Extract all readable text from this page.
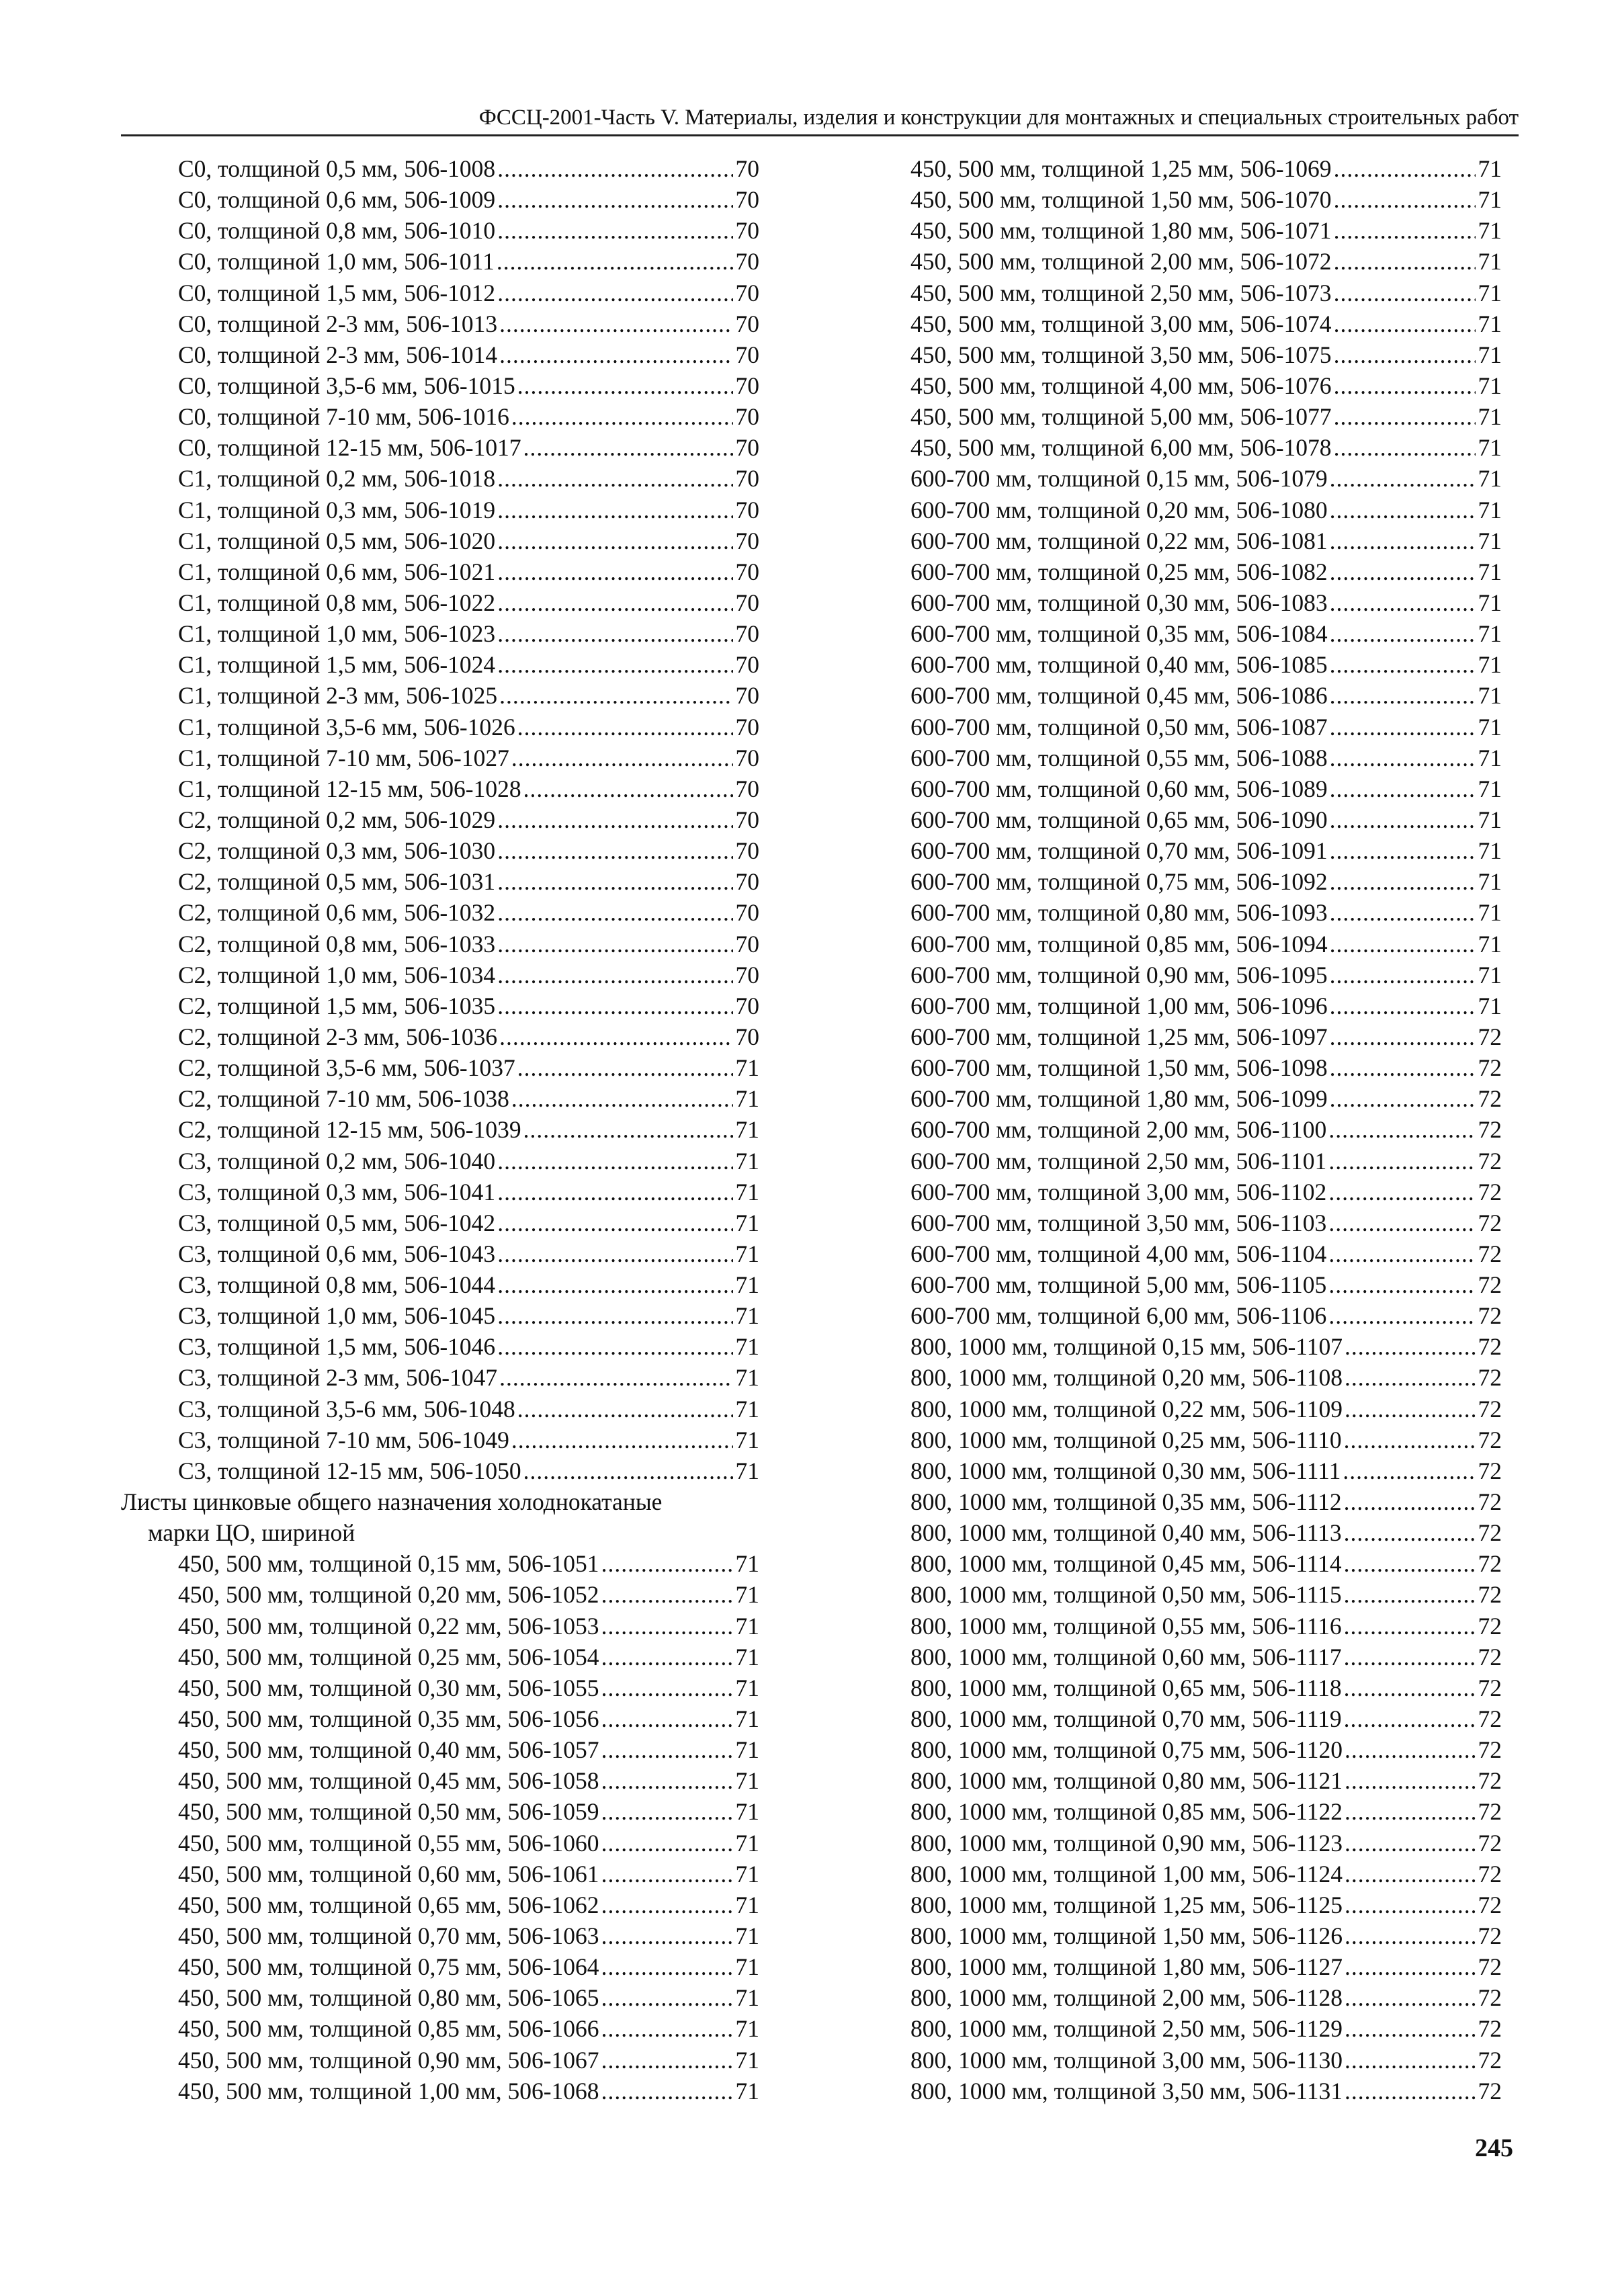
ФССЦ-2001-Часть V. Материалы, изделия и конструкции для монтажных и специальных строительных работ
С0, толщиной 0,5 мм, 506-1008 .....	70
С0, толщиной 0,6 мм, 506-1009 .....	70
С0, толщиной 0,8 мм, 506-1010 .....	70
С0, толщиной 1,0 мм, 506-1011 .....	70
С0, толщиной 1,5 мм, 506-1012 .....	70
С0, толщиной 2-3 мм, 506-1013 .....	70
С0, толщиной 2-3 мм, 506-1014 .....	70
С0, толщиной 3,5-6 мм, 506-1015 .....	70
С0, толщиной 7-10 мм, 506-1016 .....	70
С0, толщиной 12-15 мм, 506-1017 .....	70
С1, толщиной 0,2 мм, 506-1018 .....	70
С1, толщиной 0,3 мм, 506-1019 .....	70
С1, толщиной 0,5 мм, 506-1020 .....	70
С1, толщиной 0,6 мм, 506-1021 .....	70
С1, толщиной 0,8 мм, 506-1022 .....	70
С1, толщиной 1,0 мм, 506-1023 .....	70
С1, толщиной 1,5 мм, 506-1024 .....	70
С1, толщиной 2-3 мм, 506-1025 .....	70
С1, толщиной 3,5-6 мм, 506-1026 .....	70
С1, толщиной 7-10 мм, 506-1027 .....	70
С1, толщиной 12-15 мм, 506-1028 .....	70
С2, толщиной 0,2 мм, 506-1029 .....	70
С2, толщиной 0,3 мм, 506-1030 .....	70
С2, толщиной 0,5 мм, 506-1031 .....	70
С2, толщиной 0,6 мм, 506-1032 .....	70
С2, толщиной 0,8 мм, 506-1033 .....	70
С2, толщиной 1,0 мм, 506-1034 .....	70
С2, толщиной 1,5 мм, 506-1035 .....	70
С2, толщиной 2-3 мм, 506-1036 .....	70
С2, толщиной 3,5-6 мм, 506-1037 .....	71
С2, толщиной 7-10 мм, 506-1038 .....	71
С2, толщиной 12-15 мм, 506-1039 .....	71
С3, толщиной 0,2 мм, 506-1040 .....	71
С3, толщиной 0,3 мм, 506-1041 .....	71
С3, толщиной 0,5 мм, 506-1042 .....	71
С3, толщиной 0,6 мм, 506-1043 .....	71
С3, толщиной 0,8 мм, 506-1044 .....	71
С3, толщиной 1,0 мм, 506-1045 .....	71
С3, толщиной 1,5 мм, 506-1046 .....	71
С3, толщиной 2-3 мм, 506-1047 .....	71
С3, толщиной 3,5-6 мм, 506-1048 .....	71
С3, толщиной 7-10 мм, 506-1049 .....	71
С3, толщиной 12-15 мм, 506-1050 .....	71
Листы цинковые общего назначения холоднокатаные
марки ЦО, шириной
450, 500 мм, толщиной 0,15 мм, 506-1051 .....	71
450, 500 мм, толщиной 0,20 мм, 506-1052 .....	71
450, 500 мм, толщиной 0,22 мм, 506-1053 .....	71
450, 500 мм, толщиной 0,25 мм, 506-1054 .....	71
450, 500 мм, толщиной 0,30 мм, 506-1055 .....	71
450, 500 мм, толщиной 0,35 мм, 506-1056 .....	71
450, 500 мм, толщиной 0,40 мм, 506-1057 .....	71
450, 500 мм, толщиной 0,45 мм, 506-1058 .....	71
450, 500 мм, толщиной 0,50 мм, 506-1059 .....	71
450, 500 мм, толщиной 0,55 мм, 506-1060 .....	71
450, 500 мм, толщиной 0,60 мм, 506-1061 .....	71
450, 500 мм, толщиной 0,65 мм, 506-1062 .....	71
450, 500 мм, толщиной 0,70 мм, 506-1063 .....	71
450, 500 мм, толщиной 0,75 мм, 506-1064 .....	71
450, 500 мм, толщиной 0,80 мм, 506-1065 .....	71
450, 500 мм, толщиной 0,85 мм, 506-1066 .....	71
450, 500 мм, толщиной 0,90 мм, 506-1067 .....	71
450, 500 мм, толщиной 1,00 мм, 506-1068 .....	71
450, 500 мм, толщиной 1,25 мм, 506-1069 .....	71
450, 500 мм, толщиной 1,50 мм, 506-1070 .....	71
450, 500 мм, толщиной 1,80 мм, 506-1071 .....	71
450, 500 мм, толщиной 2,00 мм, 506-1072 .....	71
450, 500 мм, толщиной 2,50 мм, 506-1073 .....	71
450, 500 мм, толщиной 3,00 мм, 506-1074 .....	71
450, 500 мм, толщиной 3,50 мм, 506-1075 .....	71
450, 500 мм, толщиной 4,00 мм, 506-1076 .....	71
450, 500 мм, толщиной 5,00 мм, 506-1077 .....	71
450, 500 мм, толщиной 6,00 мм, 506-1078 .....	71
600-700 мм, толщиной 0,15 мм, 506-1079 .....	71
600-700 мм, толщиной 0,20 мм, 506-1080 .....	71
600-700 мм, толщиной 0,22 мм, 506-1081 .....	71
600-700 мм, толщиной 0,25 мм, 506-1082 .....	71
600-700 мм, толщиной 0,30 мм, 506-1083 .....	71
600-700 мм, толщиной 0,35 мм, 506-1084 .....	71
600-700 мм, толщиной 0,40 мм, 506-1085 .....	71
600-700 мм, толщиной 0,45 мм, 506-1086 .....	71
600-700 мм, толщиной 0,50 мм, 506-1087 .....	71
600-700 мм, толщиной 0,55 мм, 506-1088 .....	71
600-700 мм, толщиной 0,60 мм, 506-1089 .....	71
600-700 мм, толщиной 0,65 мм, 506-1090 .....	71
600-700 мм, толщиной 0,70 мм, 506-1091 .....	71
600-700 мм, толщиной 0,75 мм, 506-1092 .....	71
600-700 мм, толщиной 0,80 мм, 506-1093 .....	71
600-700 мм, толщиной 0,85 мм, 506-1094 .....	71
600-700 мм, толщиной 0,90 мм, 506-1095 .....	71
600-700 мм, толщиной 1,00 мм, 506-1096 .....	71
600-700 мм, толщиной 1,25 мм, 506-1097 .....	72
600-700 мм, толщиной 1,50 мм, 506-1098 .....	72
600-700 мм, толщиной 1,80 мм, 506-1099 .....	72
600-700 мм, толщиной 2,00 мм, 506-1100 .....	72
600-700 мм, толщиной 2,50 мм, 506-1101 .....	72
600-700 мм, толщиной 3,00 мм, 506-1102 .....	72
600-700 мм, толщиной 3,50 мм, 506-1103 .....	72
600-700 мм, толщиной 4,00 мм, 506-1104 .....	72
600-700 мм, толщиной 5,00 мм, 506-1105 .....	72
600-700 мм, толщиной 6,00 мм, 506-1106 .....	72
800, 1000 мм, толщиной 0,15 мм, 506-1107 .....	72
800, 1000 мм, толщиной 0,20 мм, 506-1108 .....	72
800, 1000 мм, толщиной 0,22 мм, 506-1109 .....	72
800, 1000 мм, толщиной 0,25 мм, 506-1110 .....	72
800, 1000 мм, толщиной 0,30 мм, 506-1111 .....	72
800, 1000 мм, толщиной 0,35 мм, 506-1112 .....	72
800, 1000 мм, толщиной 0,40 мм, 506-1113 .....	72
800, 1000 мм, толщиной 0,45 мм, 506-1114 .....	72
800, 1000 мм, толщиной 0,50 мм, 506-1115 .....	72
800, 1000 мм, толщиной 0,55 мм, 506-1116 .....	72
800, 1000 мм, толщиной 0,60 мм, 506-1117 .....	72
800, 1000 мм, толщиной 0,65 мм, 506-1118 .....	72
800, 1000 мм, толщиной 0,70 мм, 506-1119 .....	72
800, 1000 мм, толщиной 0,75 мм, 506-1120 .....	72
800, 1000 мм, толщиной 0,80 мм, 506-1121 .....	72
800, 1000 мм, толщиной 0,85 мм, 506-1122 .....	72
800, 1000 мм, толщиной 0,90 мм, 506-1123 .....	72
800, 1000 мм, толщиной 1,00 мм, 506-1124 .....	72
800, 1000 мм, толщиной 1,25 мм, 506-1125 .....	72
800, 1000 мм, толщиной 1,50 мм, 506-1126 .....	72
800, 1000 мм, толщиной 1,80 мм, 506-1127 .....	72
800, 1000 мм, толщиной 2,00 мм, 506-1128 .....	72
800, 1000 мм, толщиной 2,50 мм, 506-1129 .....	72
800, 1000 мм, толщиной 3,00 мм, 506-1130 .....	72
800, 1000 мм, толщиной 3,50 мм, 506-1131 .....	72
245
